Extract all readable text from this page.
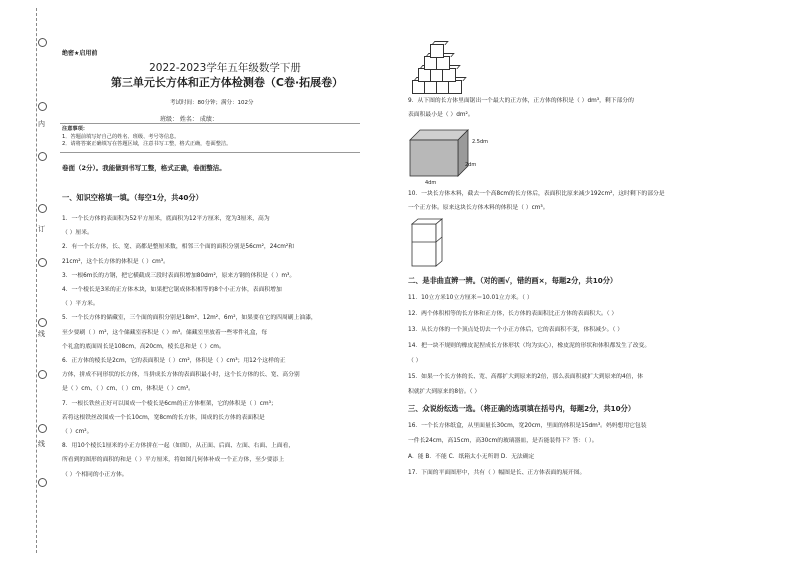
内
订
线
线
绝密★启用前
2022-2023学年五年级数学下册
第三单元长方体和正方体检测卷（C卷·拓展卷）
考试时间：80分钟；满分：102分
班级： 姓名： 成绩：
注意事项：
1．答题前填写好自己的姓名、班级、考号等信息。
2．请将答案正确填写在答题区域，注意书写工整，格式正确，卷面整洁。
卷面（2分）。我能做到书写工整，格式正确，卷面整洁。
一、知识空格填一填。（每空1分，共40分）
1．一个长方体的表面积为52平方厘米，底面积为12平方厘米，宽为3厘米，高为
（ ）厘米。
2．有一个长方体，长、宽、高都是整厘米数，相邻三个面的面积分别是56cm²，24cm²和
21cm²，这个长方体的体积是（ ）cm³。
3．一根6m长的方钢，把它横截成三段时表面积增加80dm²，原来方钢的体积是（ ）m³。
4．一个棱长是3米的正方体木块，如果把它锯成体积相等的8个小正方体，表面积增加
（ ）平方米。
5．一个长方体的储藏室，三个面的面积分别是18m²、12m²、6m²，如果要在它的四周刷上油漆，
至少要刷（ ）m²，这个储藏室容积是（ ）m³。储藏室里放着一些零件礼盒，每
个礼盒的底面周长是108cm，高20cm，棱长总和是（ ）cm。
6．正方体的棱长是2cm，它的表面积是（ ）cm²，体积是（ ）cm³；用12个这样的正
方体，拼成不同形状的长方体，当拼成长方体的表面积最小时，这个长方体的长、宽、高分别
是（ ）cm、（ ）cm、（ ）cm，体积是（ ）cm³。
7．一根长铁丝正好可以围成一个棱长是6cm的正方体框架，它的体积是（ ）cm³；
若将这根铁丝改围成一个长10cm，宽8cm的长方体，围成的长方体的表面积是
（ ）cm²。
8．用10个棱长1厘米的小正方体拼在一起（如图），从正面、后面、左面、右面、上面看，
所看到的图形的面积的和是（ ）平方厘米，将如图几何体补成一个正方体，至少要添上
（ ）个相同的小正方体。
9．从下图的长方体里面锯出一个最大的正方体，正方体的体积是（ ）dm³，剩下部分的
表面积最小是（ ）dm²。
2.5dm
2dm
4dm
10．一块长方体木料，截去一个高8cm的长方体后，表面积比原来减少192cm²，这时剩下的部分是
一个正方体。原来这块长方体木料的体积是（ ）cm³。
二、是非曲直辨一辨。（对的画√，错的画×，每题2分，共10分）
11．10立方米10立方厘米＝10.01立方米。（ ）
12．两个体积相等的长方体和正方体，长方体的表面积比正方体的表面积大。（ ）
13．从长方体的一个顶点处切去一个小正方体后，它的表面积不变，体积减少。（ ）
14．把一块不规则的橡皮泥捏成长方体形状（均为实心），橡皮泥的形状和体积都发生了改变。
（ ）
15．如果一个长方体的长、宽、高都扩大到原来的2倍，那么表面积就扩大到原来的4倍，体
积就扩大到原来的8倍。（ ）
三、众说纷纭选一选。（将正确的选项填在括号内，每题2分，共10分）
16．一个长方体纸盒，从里面量长30cm，宽20cm，里面的体积是15dm³。妈妈想用它包装
一件长24cm，高15cm，高30cm的玻璃器皿，是否能装得下？答：（ ）。
A．能 B．不能 C．纸箱太小无所谓 D．无法确定
17．下面的平面图形中，共有（ ）幅图是长、正方体表面的展开图。
